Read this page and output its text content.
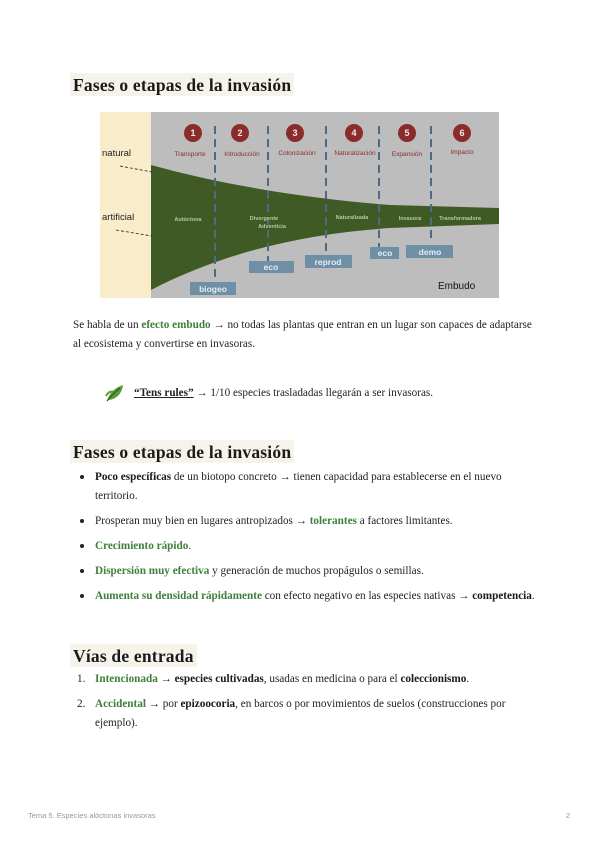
Fases o etapas de la invasión
1	2	3	4	5	6
Transporte	Introducción	Colonización	Naturalización Expansión	Impacto
natural
artificial	Autóctona	Divergente
Adventicia
Naturalizada	Invasora	Transformadora
biogeo
eco	reprod
eco	demo
Embudo

Se habla de un efecto embudo → no todas las plantas que entran en un lugar son capaces de adaptarse al ecosistema y convertirse en invasoras.

“Tens rules” → 1/10 especies trasladadas llegarán a ser invasoras.
Fases o etapas de la invasión
Poco específicas de un biotopo concreto → tienen capacidad para establecerse en el nuevo territorio.
Prosperan muy bien en lugares antropizados → tolerantes a factores limitantes.
Crecimiento rápido.
Dispersión muy efectiva y generación de muchos propágulos o semillas.
Aumenta su densidad rápidamente con efecto negativo en las especies nativas → competencia.
Vías de entrada
1. Intencionada → especies cultivadas, usadas en medicina o para el coleccionismo.
2. Accidental → por epizoocoria, en barcos o por movimientos de suelos (construcciones por ejemplo).
Tema 5. Especies alóctonas invasoras	2
